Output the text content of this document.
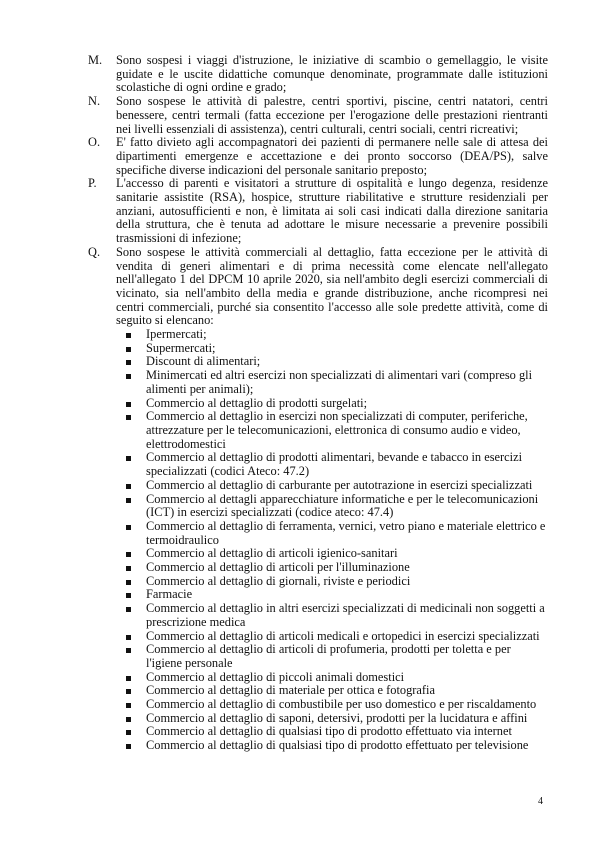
M. Sono sospesi i viaggi d'istruzione, le iniziative di scambio o gemellaggio, le visite guidate e le uscite didattiche comunque denominate, programmate dalle istituzioni scolastiche di ogni ordine e grado;
N. Sono sospese le attività di palestre, centri sportivi, piscine, centri natatori, centri benessere, centri termali (fatta eccezione per l'erogazione delle prestazioni rientranti nei livelli essenziali di assistenza), centri culturali, centri sociali, centri ricreativi;
O. E' fatto divieto agli accompagnatori dei pazienti di permanere nelle sale di attesa dei dipartimenti emergenze e accettazione e dei pronto soccorso (DEA/PS), salve specifiche diverse indicazioni del personale sanitario preposto;
P. L'accesso di parenti e visitatori a strutture di ospitalità e lungo degenza, residenze sanitarie assistite (RSA), hospice, strutture riabilitative e strutture residenziali per anziani, autosufficienti e non, è limitata ai soli casi indicati dalla direzione sanitaria della struttura, che è tenuta ad adottare le misure necessarie a prevenire possibili trasmissioni di infezione;
Q. Sono sospese le attività commerciali al dettaglio, fatta eccezione per le attività di vendita di generi alimentari e di prima necessità come elencate nell'allegato nell'allegato 1 del DPCM 10 aprile 2020, sia nell'ambito degli esercizi commerciali di vicinato, sia nell'ambito della media e grande distribuzione, anche ricompresi nei centri commerciali, purché sia consentito l'accesso alle sole predette attività, come di seguito si elencano:
Ipermercati;
Supermercati;
Discount di alimentari;
Minimercati ed altri esercizi non specializzati di alimentari vari (compreso gli alimenti per animali);
Commercio al dettaglio di prodotti surgelati;
Commercio al dettaglio in esercizi non specializzati di computer, periferiche, attrezzature per le telecomunicazioni, elettronica di consumo audio e video, elettrodomestici
Commercio al dettaglio di prodotti alimentari, bevande e tabacco in esercizi specializzati (codici Ateco: 47.2)
Commercio al dettaglio di carburante per autotrazione in esercizi specializzati
Commercio al dettagli apparecchiature informatiche e per le telecomunicazioni (ICT) in esercizi specializzati (codice ateco: 47.4)
Commercio al dettaglio di ferramenta, vernici, vetro piano e materiale elettrico e termoidraulico
Commercio al dettaglio di articoli igienico-sanitari
Commercio al dettaglio di articoli per l'illuminazione
Commercio al dettaglio di giornali, riviste e periodici
Farmacie
Commercio al dettaglio in altri esercizi specializzati di medicinali non soggetti a prescrizione medica
Commercio al dettaglio di articoli medicali e ortopedici in esercizi specializzati
Commercio al dettaglio di articoli di profumeria, prodotti per toletta e per l'igiene personale
Commercio al dettaglio di piccoli animali domestici
Commercio al dettaglio di materiale per ottica e fotografia
Commercio al dettaglio di combustibile per uso domestico e per riscaldamento
Commercio al dettaglio di saponi, detersivi, prodotti per la lucidatura e affini
Commercio al dettaglio di qualsiasi tipo di prodotto effettuato via internet
Commercio al dettaglio di qualsiasi tipo di prodotto effettuato per televisione
4
